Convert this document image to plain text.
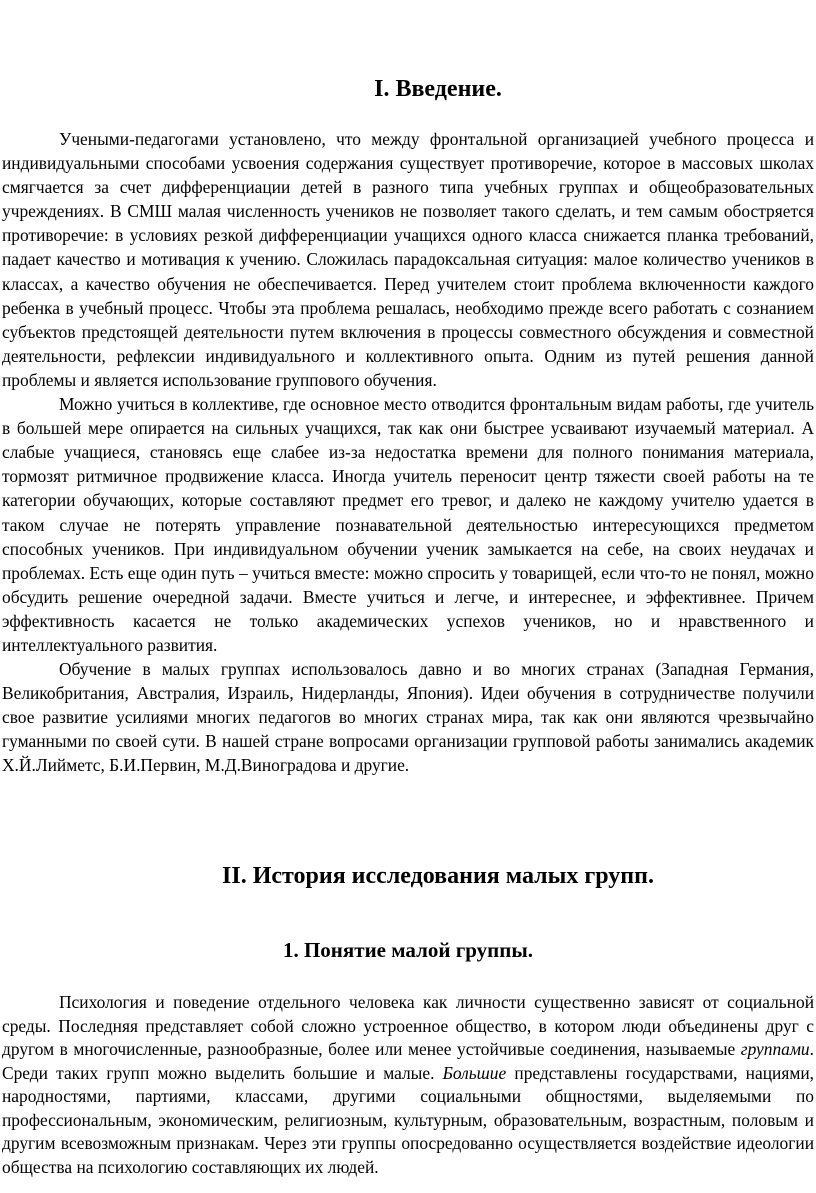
I. Введение.

Учеными-педагогами установлено, что между фронтальной организацией учебного процесса и индивидуальными способами усвоения содержания существует противоречие, которое в массовых школах смягчается за счет дифференциации детей в разного типа учебных группах и общеобразовательных учреждениях. В СМШ малая численность учеников не позволяет такого сделать, и тем самым обостряется противоречие: в условиях резкой дифференциации учащихся одного класса снижается планка требований, падает качество и мотивация к учению. Сложилась парадоксальная ситуация: малое количество учеников в классах, а качество обучения не обеспечивается. Перед учителем стоит проблема включенности каждого ребенка в учебный процесс. Чтобы эта проблема решалась, необходимо прежде всего работать с сознанием субъектов предстоящей деятельности путем включения в процессы совместного обсуждения и совместной деятельности, рефлексии индивидуального и коллективного опыта. Одним из путей решения данной проблемы и является использование группового обучения.

Можно учиться в коллективе, где основное место отводится фронтальным видам работы, где учитель в большей мере опирается на сильных учащихся, так как они быстрее усваивают изучаемый материал. А слабые учащиеся, становясь еще слабее из-за недостатка времени для полного понимания материала, тормозят ритмичное продвижение класса. Иногда учитель переносит центр тяжести своей работы на те категории обучающих, которые составляют предмет его тревог, и далеко не каждому учителю удается в таком случае не потерять управление познавательной деятельностью интересующихся предметом способных учеников. При индивидуальном обучении ученик замыкается на себе, на своих неудачах и проблемах. Есть еще один путь – учиться вместе: можно спросить у товарищей, если что-то не понял, можно обсудить решение очередной задачи. Вместе учиться и легче, и интереснее, и эффективнее. Причем эффективность касается не только академических успехов учеников, но и нравственного и интеллектуального развития.

Обучение в малых группах использовалось давно и во многих странах (Западная Германия, Великобритания, Австралия, Израиль, Нидерланды, Япония). Идеи обучения в сотрудничестве получили свое развитие усилиями многих педагогов во многих странах мира, так как они являются чрезвычайно гуманными по своей сути. В нашей стране вопросами организации групповой работы занимались академик Х.Й.Лийметс, Б.И.Первин, М.Д.Виноградова и другие.

II. История исследования малых групп.
1. Понятие малой группы.

Психология и поведение отдельного человека как личности существенно зависят от социальной среды. Последняя представляет собой сложно устроенное общество, в котором люди объединены друг с другом в многочисленные, разнообразные, более или менее устойчивые соединения, называемые группами. Среди таких групп можно выделить большие и малые. Большие представлены государствами, нациями, народностями, партиями, классами, другими социальными общностями, выделяемыми по профессиональным, экономическим, религиозным, культурным, образовательным, возрастным, половым и другим всевозможным признакам. Через эти группы опосредованно осуществляется воздействие идеологии общества на психологию составляющих их людей.
